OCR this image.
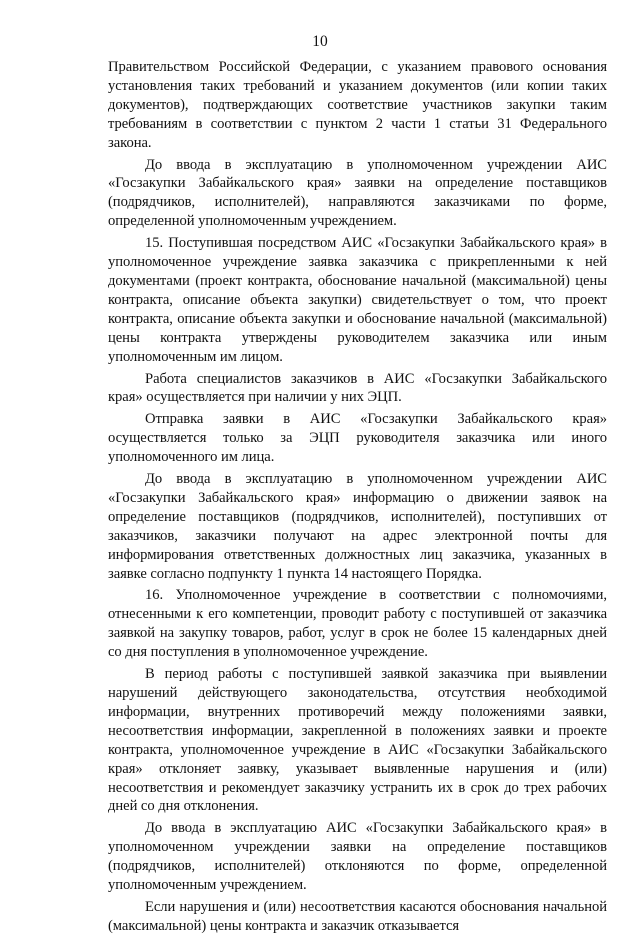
10

Правительством Российской Федерации, с указанием правового основания установления таких требований и указанием документов (или копии таких документов), подтверждающих соответствие участников закупки таким требованиям в соответствии с пунктом 2 части 1 статьи 31 Федерального закона.

До ввода в эксплуатацию в уполномоченном учреждении АИС «Госзакупки Забайкальского края» заявки на определение поставщиков (подрядчиков, исполнителей), направляются заказчиками по форме, определенной уполномоченным учреждением.

15. Поступившая посредством АИС «Госзакупки Забайкальского края» в уполномоченное учреждение заявка заказчика с прикрепленными к ней документами (проект контракта, обоснование начальной (максимальной) цены контракта, описание объекта закупки) свидетельствует о том, что проект контракта, описание объекта закупки и обоснование начальной (максимальной) цены контракта утверждены руководителем заказчика или иным уполномоченным им лицом.

Работа специалистов заказчиков в АИС «Госзакупки Забайкальского края» осуществляется при наличии у них ЭЦП.

Отправка заявки в АИС «Госзакупки Забайкальского края» осуществляется только за ЭЦП руководителя заказчика или иного уполномоченного им лица.

До ввода в эксплуатацию в уполномоченном учреждении АИС «Госзакупки Забайкальского края» информацию о движении заявок на определение поставщиков (подрядчиков, исполнителей), поступивших от заказчиков, заказчики получают на адрес электронной почты для информирования ответственных должностных лиц заказчика, указанных в заявке согласно подпункту 1 пункта 14 настоящего Порядка.

16. Уполномоченное учреждение в соответствии с полномочиями, отнесенными к его компетенции, проводит работу с поступившей от заказчика заявкой на закупку товаров, работ, услуг в срок не более 15 календарных дней со дня поступления в уполномоченное учреждение.

В период работы с поступившей заявкой заказчика при выявлении нарушений действующего законодательства, отсутствия необходимой информации, внутренних противоречий между положениями заявки, несоответствия информации, закрепленной в положениях заявки и проекте контракта, уполномоченное учреждение в АИС «Госзакупки Забайкальского края» отклоняет заявку, указывает выявленные нарушения и (или) несоответствия и рекомендует заказчику устранить их в срок до трех рабочих дней со дня отклонения.

До ввода в эксплуатацию АИС «Госзакупки Забайкальского края» в уполномоченном учреждении заявки на определение поставщиков (подрядчиков, исполнителей) отклоняются по форме, определенной уполномоченным учреждением.

Если нарушения и (или) несоответствия касаются обоснования начальной (максимальной) цены контракта и заказчик отказывается
